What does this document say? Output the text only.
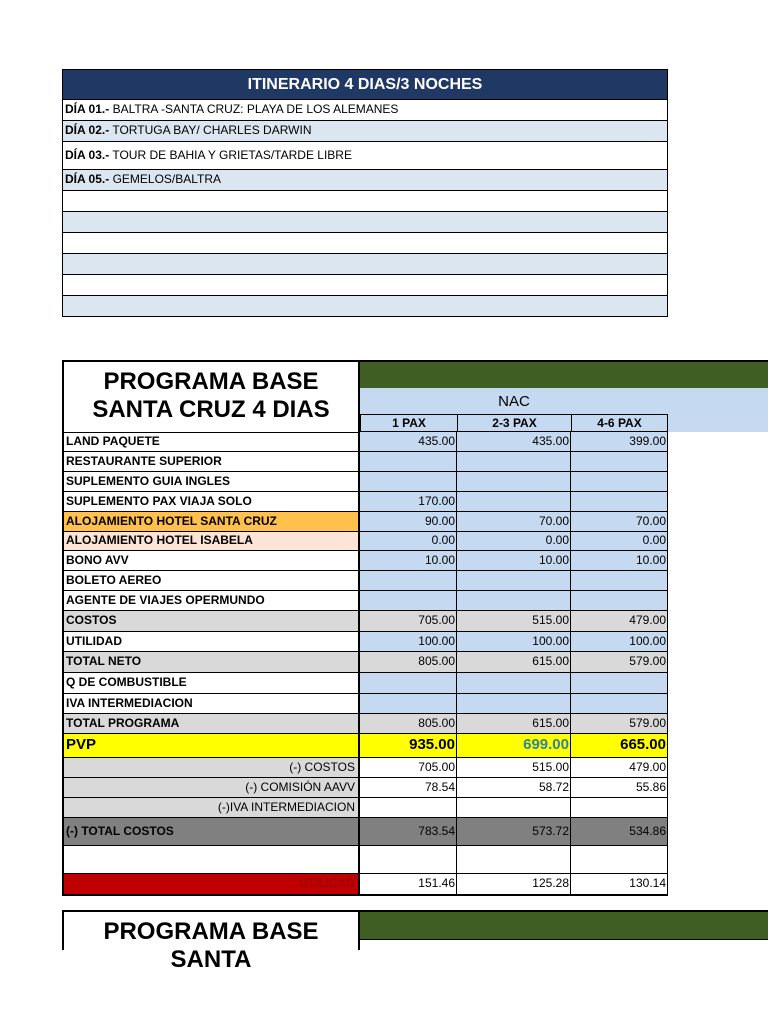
ITINERARIO 4 DIAS/3 NOCHES
DÍA 01.- BALTRA -SANTA CRUZ: PLAYA DE LOS ALEMANES
DÍA 02.- TORTUGA BAY/ CHARLES DARWIN
DÍA 03.- TOUR DE BAHIA Y GRIETAS/TARDE LIBRE
DÍA 05.- GEMELOS/BALTRA
PROGRAMA BASE SANTA CRUZ 4 DIAS	NAC
1 PAX	2-3 PAX	4-6 PAX
LAND PAQUETE	435.00	435.00	399.00
RESTAURANTE SUPERIOR
SUPLEMENTO GUIA INGLES
SUPLEMENTO PAX VIAJA SOLO	170.00
ALOJAMIENTO HOTEL SANTA CRUZ	90.00	70.00	70.00
ALOJAMIENTO HOTEL ISABELA	0.00	0.00	0.00
BONO AVV	10.00	10.00	10.00
BOLETO AEREO
AGENTE DE VIAJES OPERMUNDO
COSTOS	705.00	515.00	479.00
UTILIDAD	100.00	100.00	100.00
TOTAL NETO	805.00	615.00	579.00
Q DE COMBUSTIBLE
IVA INTERMEDIACION
TOTAL PROGRAMA	805.00	615.00	579.00
PVP	935.00	699.00	665.00
(-) COSTOS	705.00	515.00	479.00
(-) COMISIÓN AAVV	78.54	58.72	55.86
(-)IVA INTERMEDIACION
(-) TOTAL COSTOS	783.54	573.72	534.86
UTILIDAD	151.46	125.28	130.14
PROGRAMA BASE SANTA
